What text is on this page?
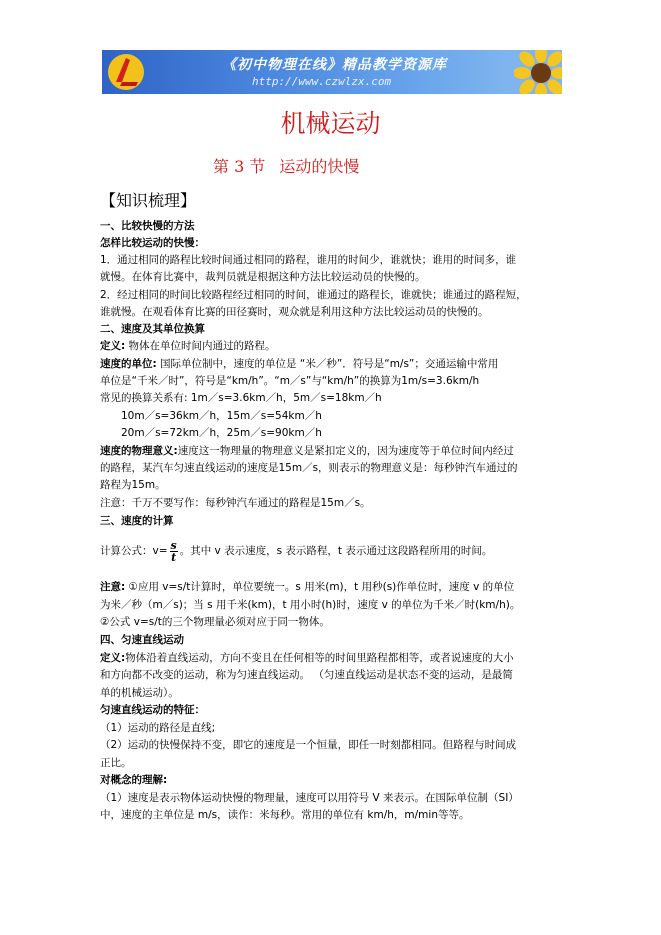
《初中物理在线》精品教学资源库
http://www.czwlzx.com
机械运动
第 3 节 运动的快慢
【知识梳理】
一、比较快慢的方法
怎样比较运动的快慢：
1．通过相同的路程比较时间通过相同的路程，谁用的时间少，谁就快；谁用的时间多，谁
就慢。在体育比赛中，裁判员就是根据这种方法比较运动员的快慢的。
2．经过相同的时间比较路程经过相同的时间，谁通过的路程长，谁就快；谁通过的路程短，
谁就慢。在观看体育比赛的田径赛时，观众就是利用这种方法比较运动员的快慢的。
二、速度及其单位换算
定义: 物体在单位时间内通过的路程。
速度的单位: 国际单位制中，速度的单位是 “米／秒”．符号是“m/s”；交通运输中常用
单位是“千米／时”，符号是“km/h”。“m／s”与“km/h”的换算为1m/s=3.6km/h
常见的换算关系有: 1m／s=3.6km／h，5m／s=18km／h
10m／s=36km／h，15m／s=54km／h
20m／s=72km／h，25m／s=90km／h
速度的物理意义:速度这一物理量的物理意义是紧扣定义的，因为速度等于单位时间内经过
的路程，某汽车匀速直线运动的速度是15m／s，则表示的物理意义是：每秒钟汽车通过的
路程为15m。
注意：千万不要写作：每秒钟汽车通过的路程是15m／s。
三、速度的计算
计算公式：$v= \frac{s}{t}$ 。其中 v 表示速度，s 表示路程，t 表示通过这段路程所用的时间。
注意: ①应用 v=s/t计算时，单位要统一。s 用米(m)，t 用秒(s)作单位时，速度 v 的单位
为米／秒（m／s)；当 s 用千米(km)，t 用小时(h)时，速度 v 的单位为千米／时(km/h)。
②公式 v=s/t的三个物理量必须对应于同一物体。
四、匀速直线运动
定义:物体沿着直线运动，方向不变且在任何相等的时间里路程都相等，或者说速度的大小
和方向都不改变的运动，称为匀速直线运动。 （匀速直线运动是状态不变的运动，是最简
单的机械运动）。
匀速直线运动的特征：
（1）运动的路径是直线;
（2）运动的快慢保持不变，即它的速度是一个恒量，即任一时刻都相同。但路程与时间成
正比。
对概念的理解:
（1）速度是表示物体运动快慢的物理量，速度可以用符号 V 来表示。在国际单位制（SI）
中，速度的主单位是 m/s，读作：米每秒。常用的单位有 km/h，m/min等等。
